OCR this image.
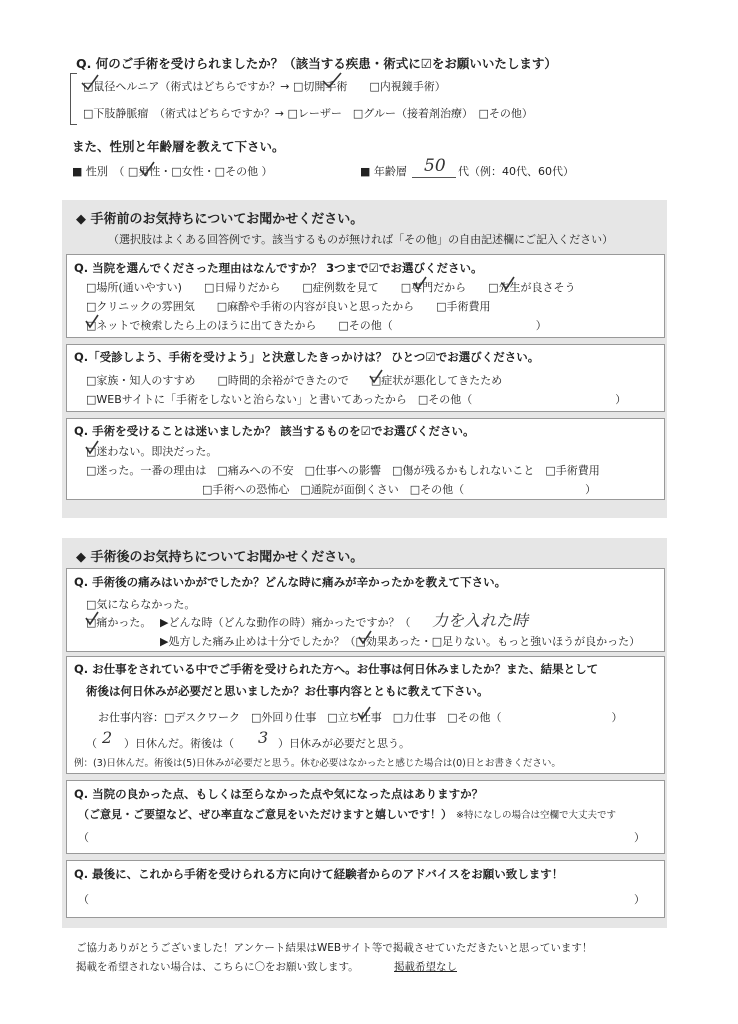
Q. 何のご手術を受けられましたか？（該当する疾患・術式に☑をお願いいたします）
□鼠径ヘルニア（術式はどちらですか？→ □切開手術　　□内視鏡手術）
□下肢静脈瘤　（術式はどちらですか？→ □レーザー　□グルー（接着剤治療）　□その他）
また、性別と年齢層を教えて下さい。
■ 性別　（ □男性・□女性・□その他 ）	■ 年齢層 50 代（例：40代、60代）
◆ 手術前のお気持ちについてお聞かせください。
（選択肢はよくある回答例です。該当するものが無ければ「その他」の自由記述欄にご記入ください）
Q. 当院を選んでくださった理由はなんですか？ 3つまで☑でお選びください。
□場所(通いやすい)　　□日帰りだから　　□症例数を見て　　□専門だから　　□先生が良さそう
□クリニックの雰囲気　　□麻酔や手術の内容が良いと思ったから　　□手術費用
□ネットで検索したら上のほうに出てきたから　　□その他（　　　　　　　　　　　　　）
Q.「受診しよう、手術を受けよう」と決意したきっかけは？ ひとつ☑でお選びください。
□家族・知人のすすめ　　□時間的余裕ができたので　　□症状が悪化してきたため
□WEBサイトに「手術をしないと治らない」と書いてあったから　□その他（　　　　　　　　　　　　　）
Q. 手術を受けることは迷いましたか？ 該当するものを☑でお選びください。
□迷わない。即決だった。
□迷った。一番の理由は　□痛みへの不安　□仕事への影響　□傷が残るかもしれないこと　□手術費用
□手術への恐怖心　□通院が面倒くさい　□その他（　　　　　　　　　　　）
◆ 手術後のお気持ちについてお聞かせください。
Q. 手術後の痛みはいかがでしたか？どんな時に痛みが辛かったかを教えて下さい。
□気にならなかった。
□痛かった。 ▶どんな時（どんな動作の時）痛かったですか？（ 力を入れた時
▶処方した痛み止めは十分でしたか？（□効果あった・□足りない。もっと強いほうが良かった）
Q. お仕事をされている中でご手術を受けられた方へ。お仕事は何日休みましたか？また、結果として
術後は何日休みが必要だと思いましたか？お仕事内容とともに教えて下さい。
お仕事内容：□デスクワーク　□外回り仕事　□立ち仕事　□力仕事　□その他（　　　　　　　　　　）
（ 2 ）日休んだ。術後は（ 3 ）日休みが必要だと思う。
例：(3)日休んだ。術後は(5)日休みが必要だと思う。休む必要はなかったと感じた場合は(0)日とお書きください。
Q. 当院の良かった点、もしくは至らなかった点や気になった点はありますか？
（ご意見・ご要望など、ぜひ率直なご意見をいただけますと嬉しいです！） ※特になしの場合は空欄で大丈夫です
（	）
Q. 最後に、これから手術を受けられる方に向けて経験者からのアドバイスをお願い致します！
（	）
ご協力ありがとうございました！アンケート結果はWEBサイト等で掲載させていただきたいと思っています！
掲載を希望されない場合は、こちらに〇をお願い致します。	掲載希望なし
